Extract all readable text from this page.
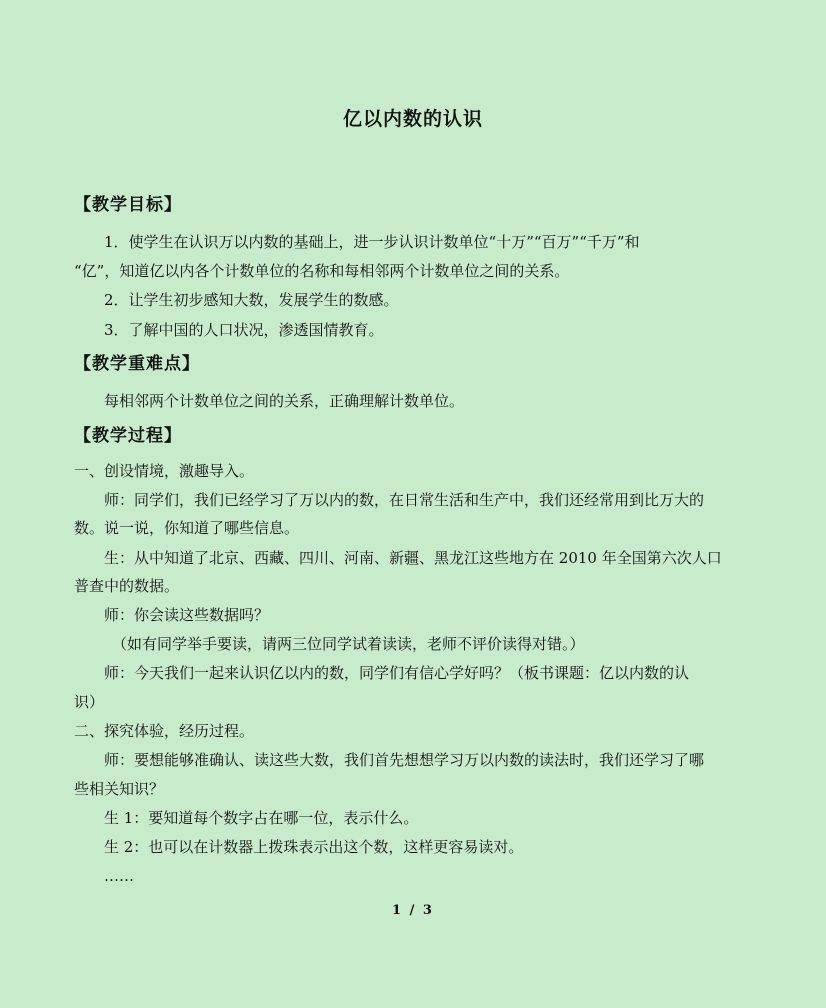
亿以内数的认识
【教学目标】
1．使学生在认识万以内数的基础上，进一步认识计数单位“十万”“百万”“千万”和
“亿”，知道亿以内各个计数单位的名称和每相邻两个计数单位之间的关系。
2．让学生初步感知大数，发展学生的数感。
3．了解中国的人口状况，渗透国情教育。
【教学重难点】
每相邻两个计数单位之间的关系，正确理解计数单位。
【教学过程】
一、创设情境，激趣导入。
师：同学们，我们已经学习了万以内的数，在日常生活和生产中，我们还经常用到比万大的
数。说一说，你知道了哪些信息。
生：从中知道了北京、西藏、四川、河南、新疆、黑龙江这些地方在 2010 年全国第六次人口
普查中的数据。
师：你会读这些数据吗？
（如有同学举手要读，请两三位同学试着读读，老师不评价读得对错。）
师：今天我们一起来认识亿以内的数，同学们有信心学好吗？（板书课题：亿以内数的认
识）
二、探究体验，经历过程。
师：要想能够准确认、读这些大数，我们首先想想学习万以内数的读法时，我们还学习了哪
些相关知识？
生 1：要知道每个数字占在哪一位，表示什么。
生 2：也可以在计数器上拨珠表示出这个数，这样更容易读对。
……
1 / 3
